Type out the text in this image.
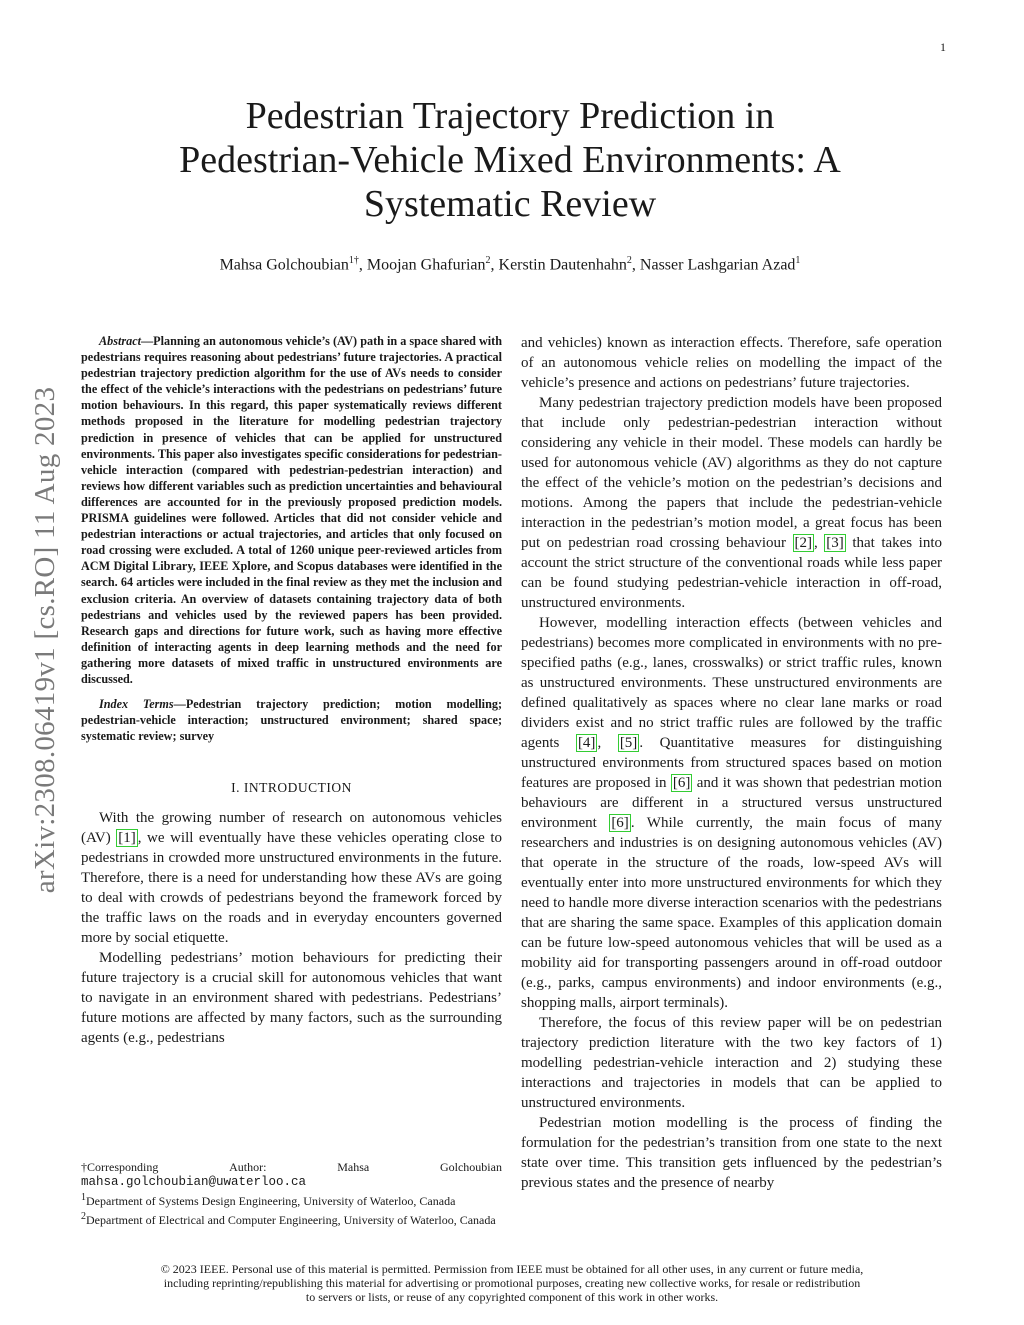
1
arXiv:2308.06419v1 [cs.RO] 11 Aug 2023
Pedestrian Trajectory Prediction in
Pedestrian-Vehicle Mixed Environments: A
Systematic Review
Mahsa Golchoubian$^{1\dagger}$, Moojan Ghafurian$^2$, Kerstin Dautenhahn$^2$, Nasser Lashgarian Azad$^1$

Abstract—Planning an autonomous vehicle’s (AV) path in a space shared with pedestrians requires reasoning about pedestrians’ future trajectories. A practical pedestrian trajectory prediction algorithm for the use of AVs needs to consider the effect of the vehicle’s interactions with the pedestrians on pedestrians’ future motion behaviours. In this regard, this paper systematically reviews different methods proposed in the literature for modelling pedestrian trajectory prediction in presence of vehicles that can be applied for unstructured environments. This paper also investigates specific considerations for pedestrian-vehicle interaction (compared with pedestrian-pedestrian interaction) and reviews how different variables such as prediction uncertainties and behavioural differences are accounted for in the previously proposed prediction models. PRISMA guidelines were followed. Articles that did not consider vehicle and pedestrian interactions or actual trajectories, and articles that only focused on road crossing were excluded. A total of 1260 unique peer-reviewed articles from ACM Digital Library, IEEE Xplore, and Scopus databases were identified in the search. 64 articles were included in the final review as they met the inclusion and exclusion criteria. An overview of datasets containing trajectory data of both pedestrians and vehicles used by the reviewed papers has been provided. Research gaps and directions for future work, such as having more effective definition of interacting agents in deep learning methods and the need for gathering more datasets of mixed traffic in unstructured environments are discussed.

Index Terms—Pedestrian trajectory prediction; motion modelling; pedestrian-vehicle interaction; unstructured environment; shared space; systematic review; survey

I. INTRODUCTION

With the growing number of research on autonomous vehicles (AV) [1] , we will eventually have these vehicles operating close to pedestrians in crowded more unstructured environments in the future. Therefore, there is a need for understanding how these AVs are going to deal with crowds of pedestrians beyond the framework forced by the traffic laws on the roads and in everyday encounters governed more by social etiquette.

Modelling pedestrians’ motion behaviours for predicting their future trajectory is a crucial skill for autonomous vehicles that want to navigate in an environment shared with pedestrians. Pedestrians’ future motions are affected by many factors, such as the surrounding agents (e.g., pedestrians

and vehicles) known as interaction effects. Therefore, safe operation of an autonomous vehicle relies on modelling the impact of the vehicle’s presence and actions on pedestrians’ future trajectories.

Many pedestrian trajectory prediction models have been proposed that include only pedestrian-pedestrian interaction without considering any vehicle in their model. These models can hardly be used for autonomous vehicle (AV) algorithms as they do not capture the effect of the vehicle’s motion on the pedestrian’s decisions and motions. Among the papers that include the pedestrian-vehicle interaction in the pedestrian’s motion model, a great focus has been put on pedestrian road crossing behaviour [2] , [3] that takes into account the strict structure of the conventional roads while less paper can be found studying pedestrian-vehicle interaction in off-road, unstructured environments.

However, modelling interaction effects (between vehicles and pedestrians) becomes more complicated in environments with no pre-specified paths (e.g., lanes, crosswalks) or strict traffic rules, known as unstructured environments. These unstructured environments are defined qualitatively as spaces where no clear lane marks or road dividers exist and no strict traffic rules are followed by the traffic agents [4] , [5] . Quantitative measures for distinguishing unstructured environments from structured spaces based on motion features are proposed in [6] and it was shown that pedestrian motion behaviours are different in a structured versus unstructured environment [6] . While currently, the main focus of many researchers and industries is on designing autonomous vehicles (AV) that operate in the structure of the roads, low-speed AVs will eventually enter into more unstructured environments for which they need to handle more diverse interaction scenarios with the pedestrians that are sharing the same space. Examples of this application domain can be future low-speed autonomous vehicles that will be used as a mobility aid for transporting passengers around in off-road outdoor (e.g., parks, campus environments) and indoor environments (e.g., shopping malls, airport terminals).

Therefore, the focus of this review paper will be on pedestrian trajectory prediction literature with the two key factors of 1) modelling pedestrian-vehicle interaction and 2) studying these interactions and trajectories in models that can be applied to unstructured environments.

Pedestrian motion modelling is the process of finding the formulation for the pedestrian’s transition from one state to the next state over time. This transition gets influenced by the pedestrian’s previous states and the presence of nearby

†Corresponding	Author:	Mahsa	Golchoubian
mahsa.golchoubian@uwaterloo.ca

$^1$Department of Systems Design Engineering, University of Waterloo, Canada

$^2$Department of Electrical and Computer Engineering, University of Waterloo, Canada

© 2023 IEEE. Personal use of this material is permitted. Permission from IEEE must be obtained for all other uses, in any current or future media,
including reprinting/republishing this material for advertising or promotional purposes, creating new collective works, for resale or redistribution
to servers or lists, or reuse of any copyrighted component of this work in other works.
